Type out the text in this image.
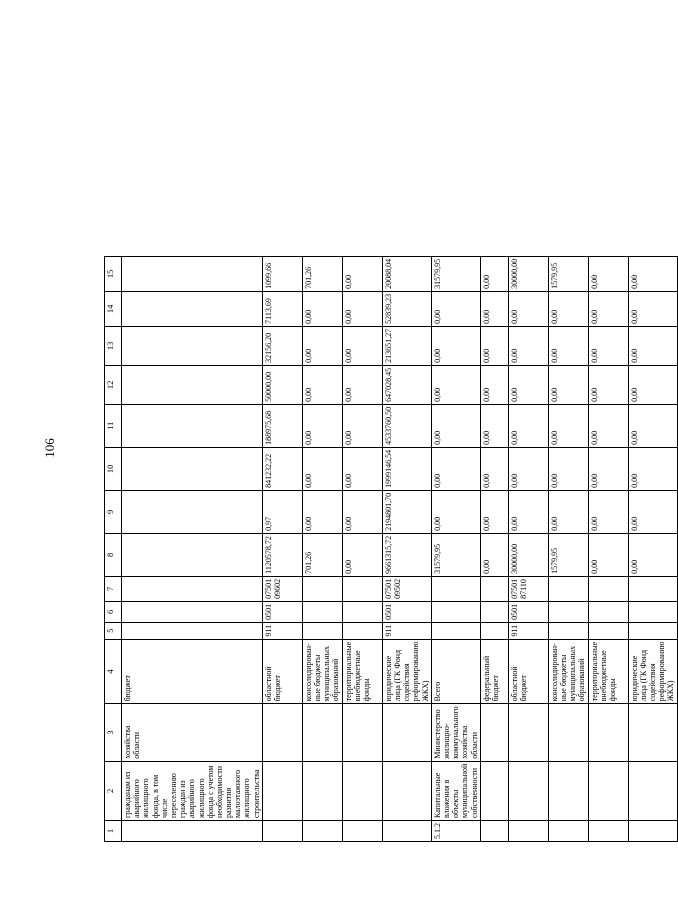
106
1	2	3	4	5	6	7	8	9	10	11	12	13	14	15
	гражданам из аварийного жилищного фонда, в том числе переселению граждан из аварийного жилищного фонда с учетом необходимости развития малоэтажного жилищного строительства	хозяйства области	бюджет											
			областной бюджет	911	0501	07501 09602	1120578,72	0,97	841232,22	188975,68	50000,00	32156,20	7113,69	1099,66
			консолидирован-ные бюджеты муниципальных образований				701,26	0,00	0,00	0,00	0,00	0,00	0,00	701,26
			территориальные внебюджетные фонды				0,00	0,00	0,00	0,00	0,00	0,00	0,00	0,00
			юридические лица (ГК Фонд содействия реформированию ЖКХ)	911	0501	07501 09502	9661315,72	2194801,70	1999146,54	4533760,50	647028,45	213651,27	52839,23	20088,04
5.1.2	Капитальные вложения в объекты муниципальной собственности	Министерство жилищно-коммунального хозяйства области	Всего				31579,95	0,00	0,00	0,00	0,00	0,00	0,00	31579,95
			федеральный бюджет				0,00	0,00	0,00	0,00	0,00	0,00	0,00	0,00
			областной бюджет	911	0501	07501 87110	30000,00	0,00	0,00	0,00	0,00	0,00	0,00	30000,00
			консолидирован-ные бюджеты муниципальных образований				1579,95	0,00	0,00	0,00	0,00	0,00	0,00	1579,95
			территориальные внебюджетные фонды				0,00	0,00	0,00	0,00	0,00	0,00	0,00	0,00
			юридические лица (ГК Фонд содействия реформированию ЖКХ)				0,00	0,00	0,00	0,00	0,00	0,00	0,00	0,00
